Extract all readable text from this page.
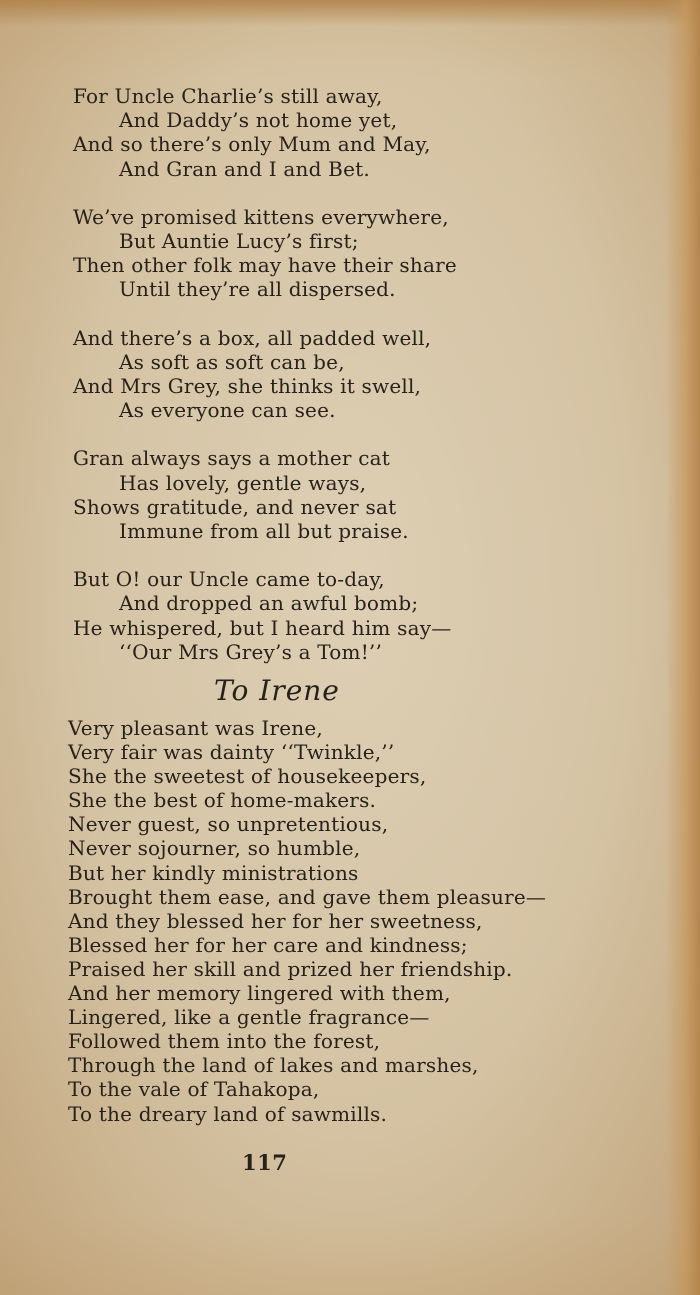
For Uncle Charlie’s still away,
And Daddy’s not home yet,
And so there’s only Mum and May,
And Gran and I and Bet.
We’ve promised kittens everywhere,
But Auntie Lucy’s first;
Then other folk may have their share
Until they’re all dispersed.
And there’s a box, all padded well,
As soft as soft can be,
And Mrs Grey, she thinks it swell,
As everyone can see.
Gran always says a mother cat
Has lovely, gentle ways,
Shows gratitude, and never sat
Immune from all but praise.
But O! our Uncle came to-day,
And dropped an awful bomb;
He whispered, but I heard him say—
‘‘Our Mrs Grey’s a Tom!’’
To Irene
Very pleasant was Irene,
Very fair was dainty ‘‘Twinkle,’’
She the sweetest of housekeepers,
She the best of home-makers.
Never guest, so unpretentious,
Never sojourner, so humble,
But her kindly ministrations
Brought them ease, and gave them pleasure—
And they blessed her for her sweetness,
Blessed her for her care and kindness;
Praised her skill and prized her friendship.
And her memory lingered with them,
Lingered, like a gentle fragrance—
Followed them into the forest,
Through the land of lakes and marshes,
To the vale of Tahakopa,
To the dreary land of sawmills.
117
